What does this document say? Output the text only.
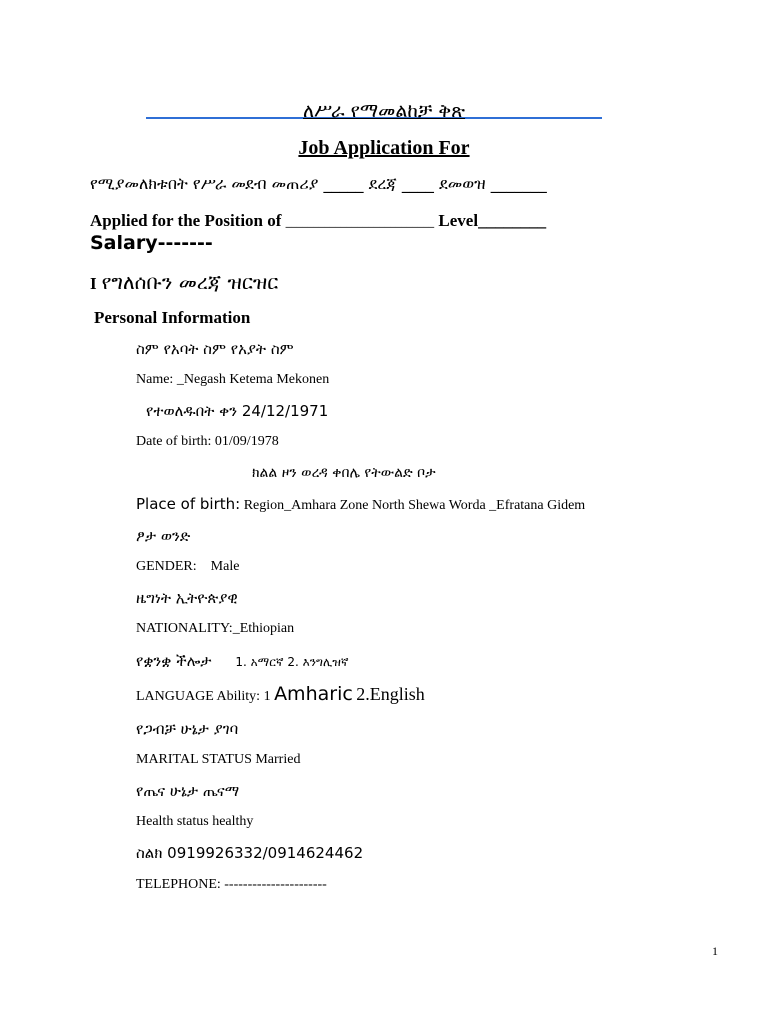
ለሥራ የማመልከቻ ቅጽ
Job Application For
የሚያመለክቱበት የሥራ መደብ መጠሪያ _____ ደረጃ ____ ደመወዝ _______
Applied for the Position of ___________________________ Level________
Salary-------
I የግለሰቡን መረጃ ዝርዝር
Personal Information
ስም የአባት ስም የአያት ስም
Name: _Negash Ketema Mekonen
የተወለዱበት ቀን 24/12/1971
Date of birth: 01/09/1978
ክልል ዞን ወረዳ ቀበሌ የትውልድ ቦታ
Place of birth: Region_Amhara Zone North Shewa Worda _Efratana Gidem
ፆታ ወንድ
GENDER: Male
ዜግነት ኢትዮጵያዊ
NATIONALITY:_Ethiopian
የቋንቋ ችሎታ 1. አማርኛ 2. እንግሊዝኛ
LANGUAGE Ability: 1 Amharic 2.English
የጋብቻ ሁኔታ ያገባ
MARITAL STATUS Married
የጤና ሁኔታ ጤናማ
Health status healthy
ስልክ 0919926332/0914624462
TELEPHONE: ----------------------
1
